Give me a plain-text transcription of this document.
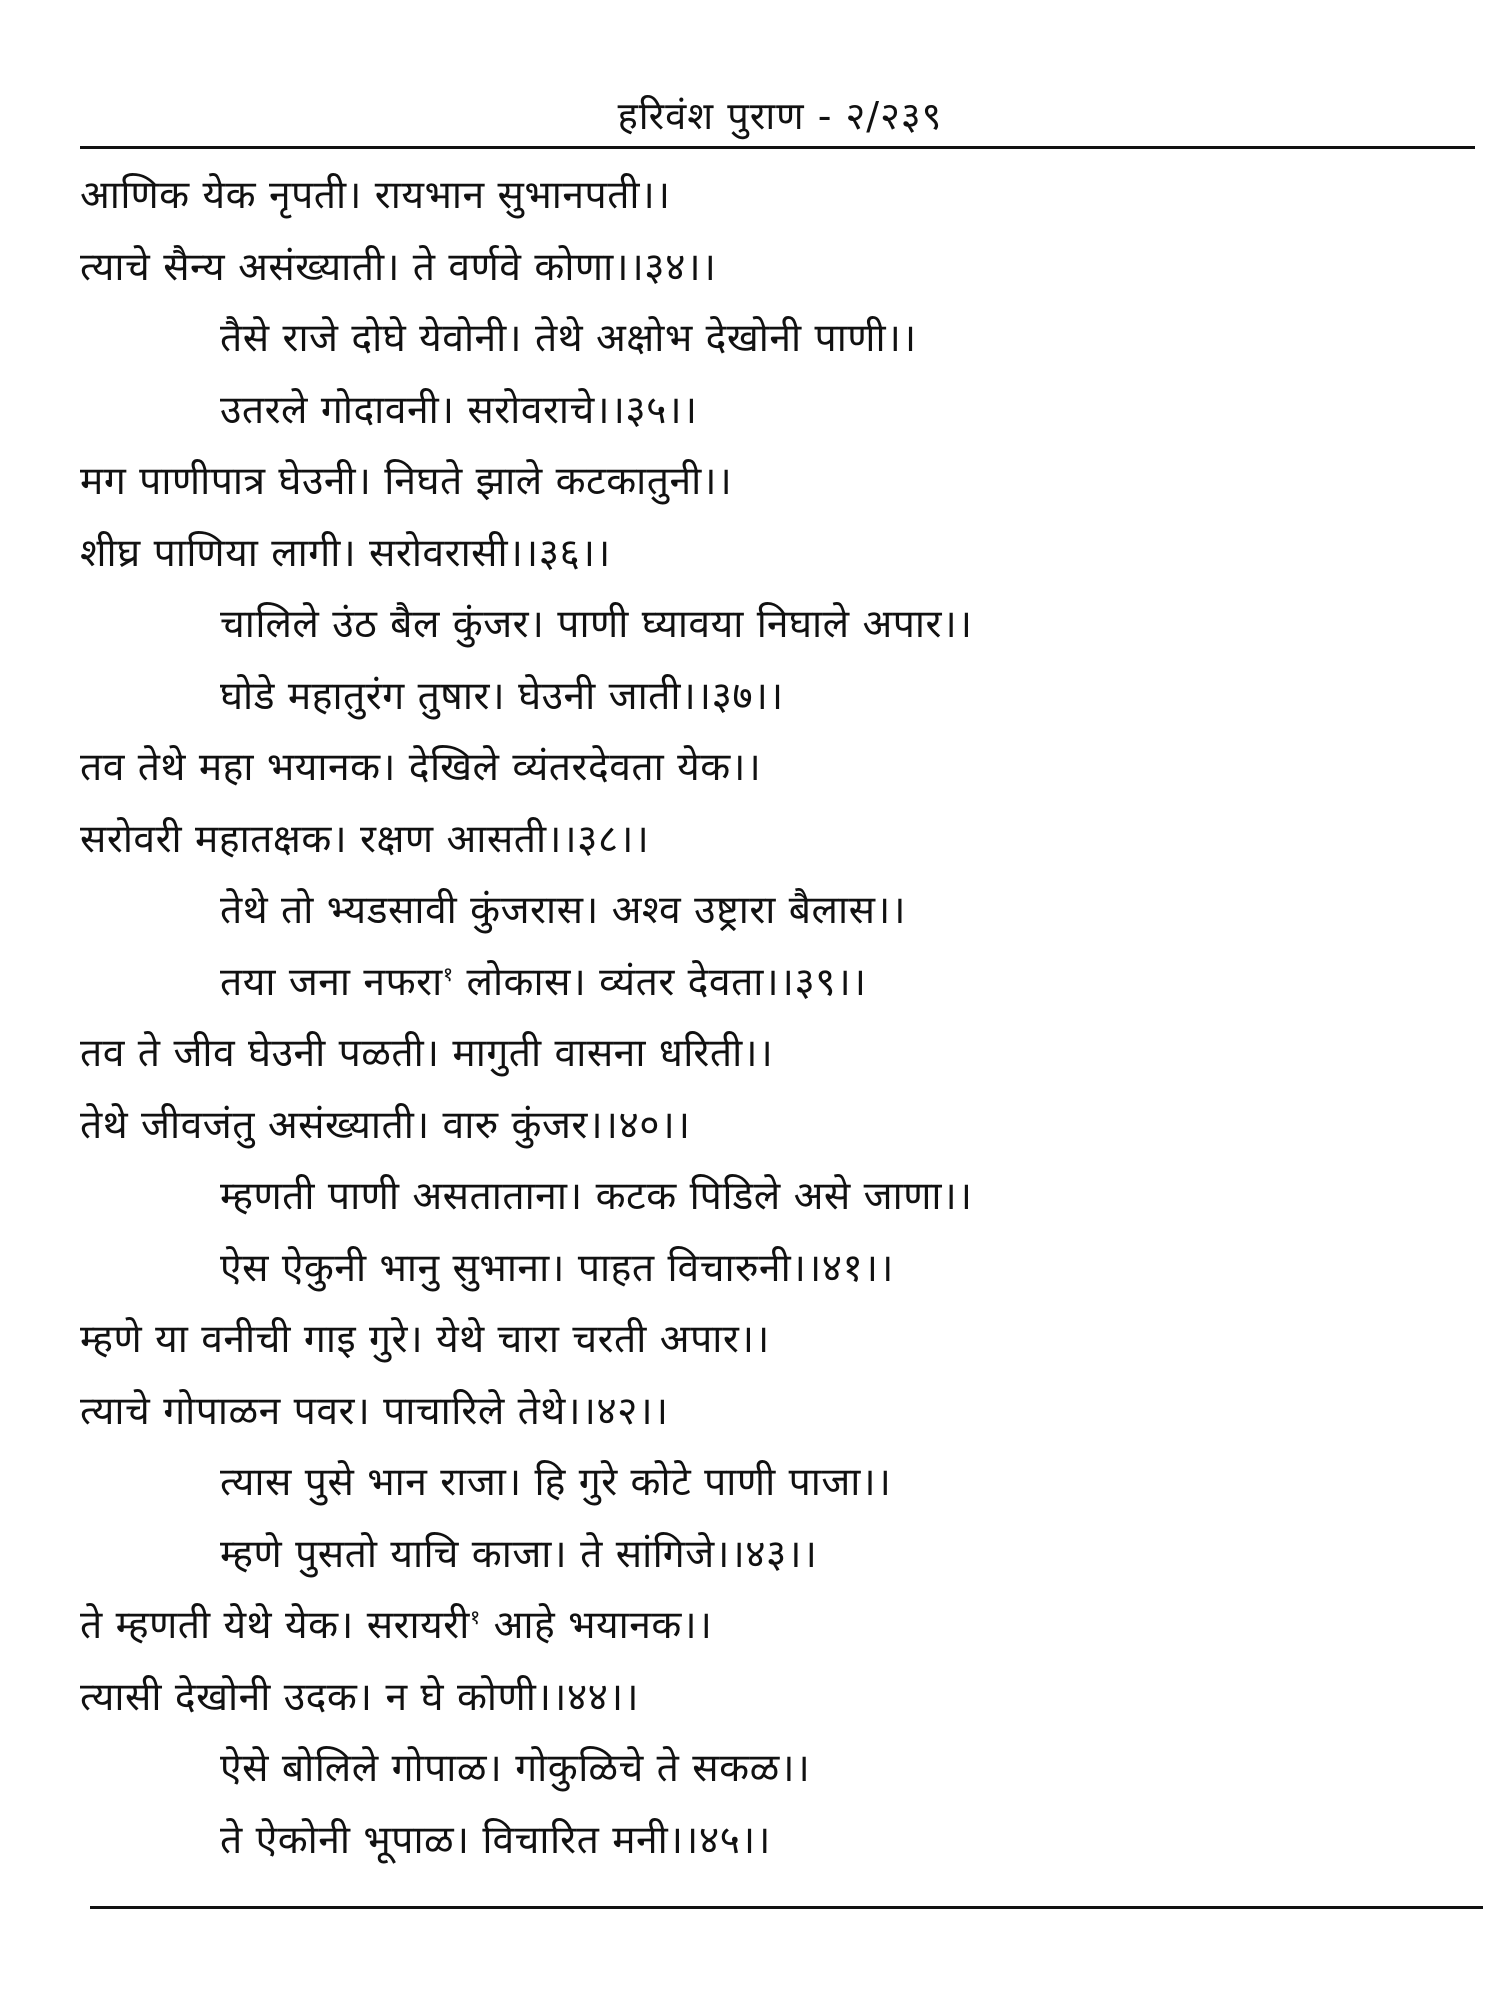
हरिवंश पुराण - २/२३९
आणिक येक नृपती। रायभान सुभानपती।।
त्याचे सैन्य असंख्याती। ते वर्णवे कोणा।।३४।।
तैसे राजे दोघे येवोनी। तेथे अक्षोभ देखोनी पाणी।।
उतरले गोदावनी। सरोवराचे।।३५।।
मग पाणीपात्र घेउनी। निघते झाले कटकातुनी।।
शीघ्र पाणिया लागी। सरोवरासी।।३६।।
चालिले उंठ बैल कुंजर। पाणी घ्यावया निघाले अपार।।
घोडे महातुरंग तुषार। घेउनी जाती।।३७।।
तव तेथे महा भयानक। देखिले व्यंतरदेवता येक।।
सरोवरी महातक्षक। रक्षण आसती।।३८।।
तेथे तो भ्यडसावी कुंजरास। अश्व उष्ट्रारा बैलास।।
तया जना नफरा$^१$ लोकास। व्यंतर देवता।।३९।।
तव ते जीव घेउनी पळती। मागुती वासना धरिती।।
तेथे जीवजंतु असंख्याती। वारु कुंजर।।४०।।
म्हणती पाणी असताताना। कटक पिडिले असे जाणा।।
ऐस ऐकुनी भानु सुभाना। पाहत विचारुनी।।४१।।
म्हणे या वनीची गाइ गुरे। येथे चारा चरती अपार।।
त्याचे गोपाळन पवर। पाचारिले तेथे।।४२।।
त्यास पुसे भान राजा। हि गुरे कोटे पाणी पाजा।।
म्हणे पुसतो याचि काजा। ते सांगिजे।।४३।।
ते म्हणती येथे येक। सरायरी$^१$ आहे भयानक।।
त्यासी देखोनी उदक। न घे कोणी।।४४।।
ऐसे बोलिले गोपाळ। गोकुळिचे ते सकळ।।
ते ऐकोनी भूपाळ। विचारित मनी।।४५।।
